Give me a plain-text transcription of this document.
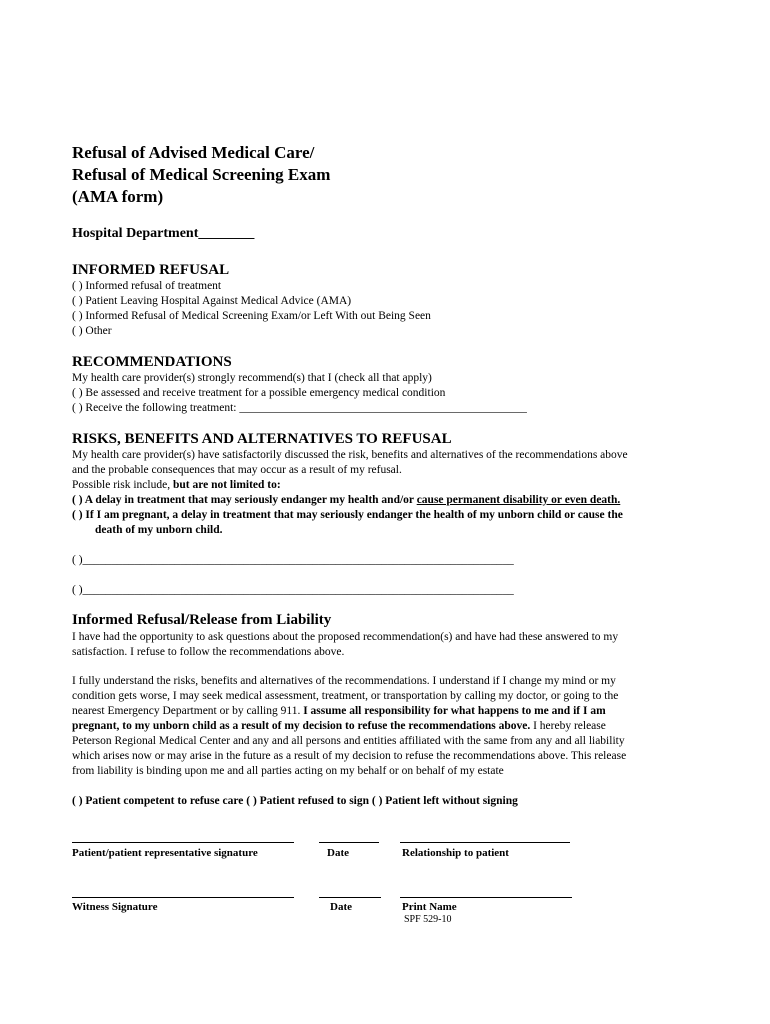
Refusal of Advised Medical Care/
Refusal of Medical Screening Exam
(AMA form)
Hospital Department________
INFORMED REFUSAL
( ) Informed refusal of treatment
( ) Patient Leaving Hospital Against Medical Advice (AMA)
( ) Informed Refusal of Medical Screening Exam/or Left With out Being Seen
( ) Other
RECOMMENDATIONS
My health care provider(s) strongly recommend(s) that I (check all that apply)
( ) Be assessed and receive treatment for a possible emergency medical condition
( ) Receive the following treatment: __________________________________________________
RISKS, BENEFITS AND ALTERNATIVES TO REFUSAL
My health care provider(s) have satisfactorily discussed the risk, benefits and alternatives of the recommendations above
and the probable consequences that may occur as a result of my refusal.
Possible risk include, but are not limited to:
( ) A delay in treatment that may seriously endanger my health and/or cause permanent disability or even death.
( ) If I am pregnant, a delay in treatment that may seriously endanger the health of my unborn child or cause the
death of my unborn child.
( )___________________________________________________________________________
( )___________________________________________________________________________
Informed Refusal/Release from Liability
I have had the opportunity to ask questions about the proposed recommendation(s) and have had these answered to my
satisfaction. I refuse to follow the recommendations above.
I fully understand the risks, benefits and alternatives of the recommendations. I understand if I change my mind or my
condition gets worse, I may seek medical assessment, treatment, or transportation by calling my doctor, or going to the
nearest Emergency Department or by calling 911. I assume all responsibility for what happens to me and if I am
pregnant, to my unborn child as a result of my decision to refuse the recommendations above. I hereby release
Peterson Regional Medical Center and any and all persons and entities affiliated with the same from any and all liability
which arises now or may arise in the future as a result of my decision to refuse the recommendations above. This release
from liability is binding upon me and all parties acting on my behalf or on behalf of my estate
( ) Patient competent to refuse care ( ) Patient refused to sign ( ) Patient left without signing
Patient/patient representative signature	Date	Relationship to patient
Witness Signature	Date	Print Name
SPF 529-10
